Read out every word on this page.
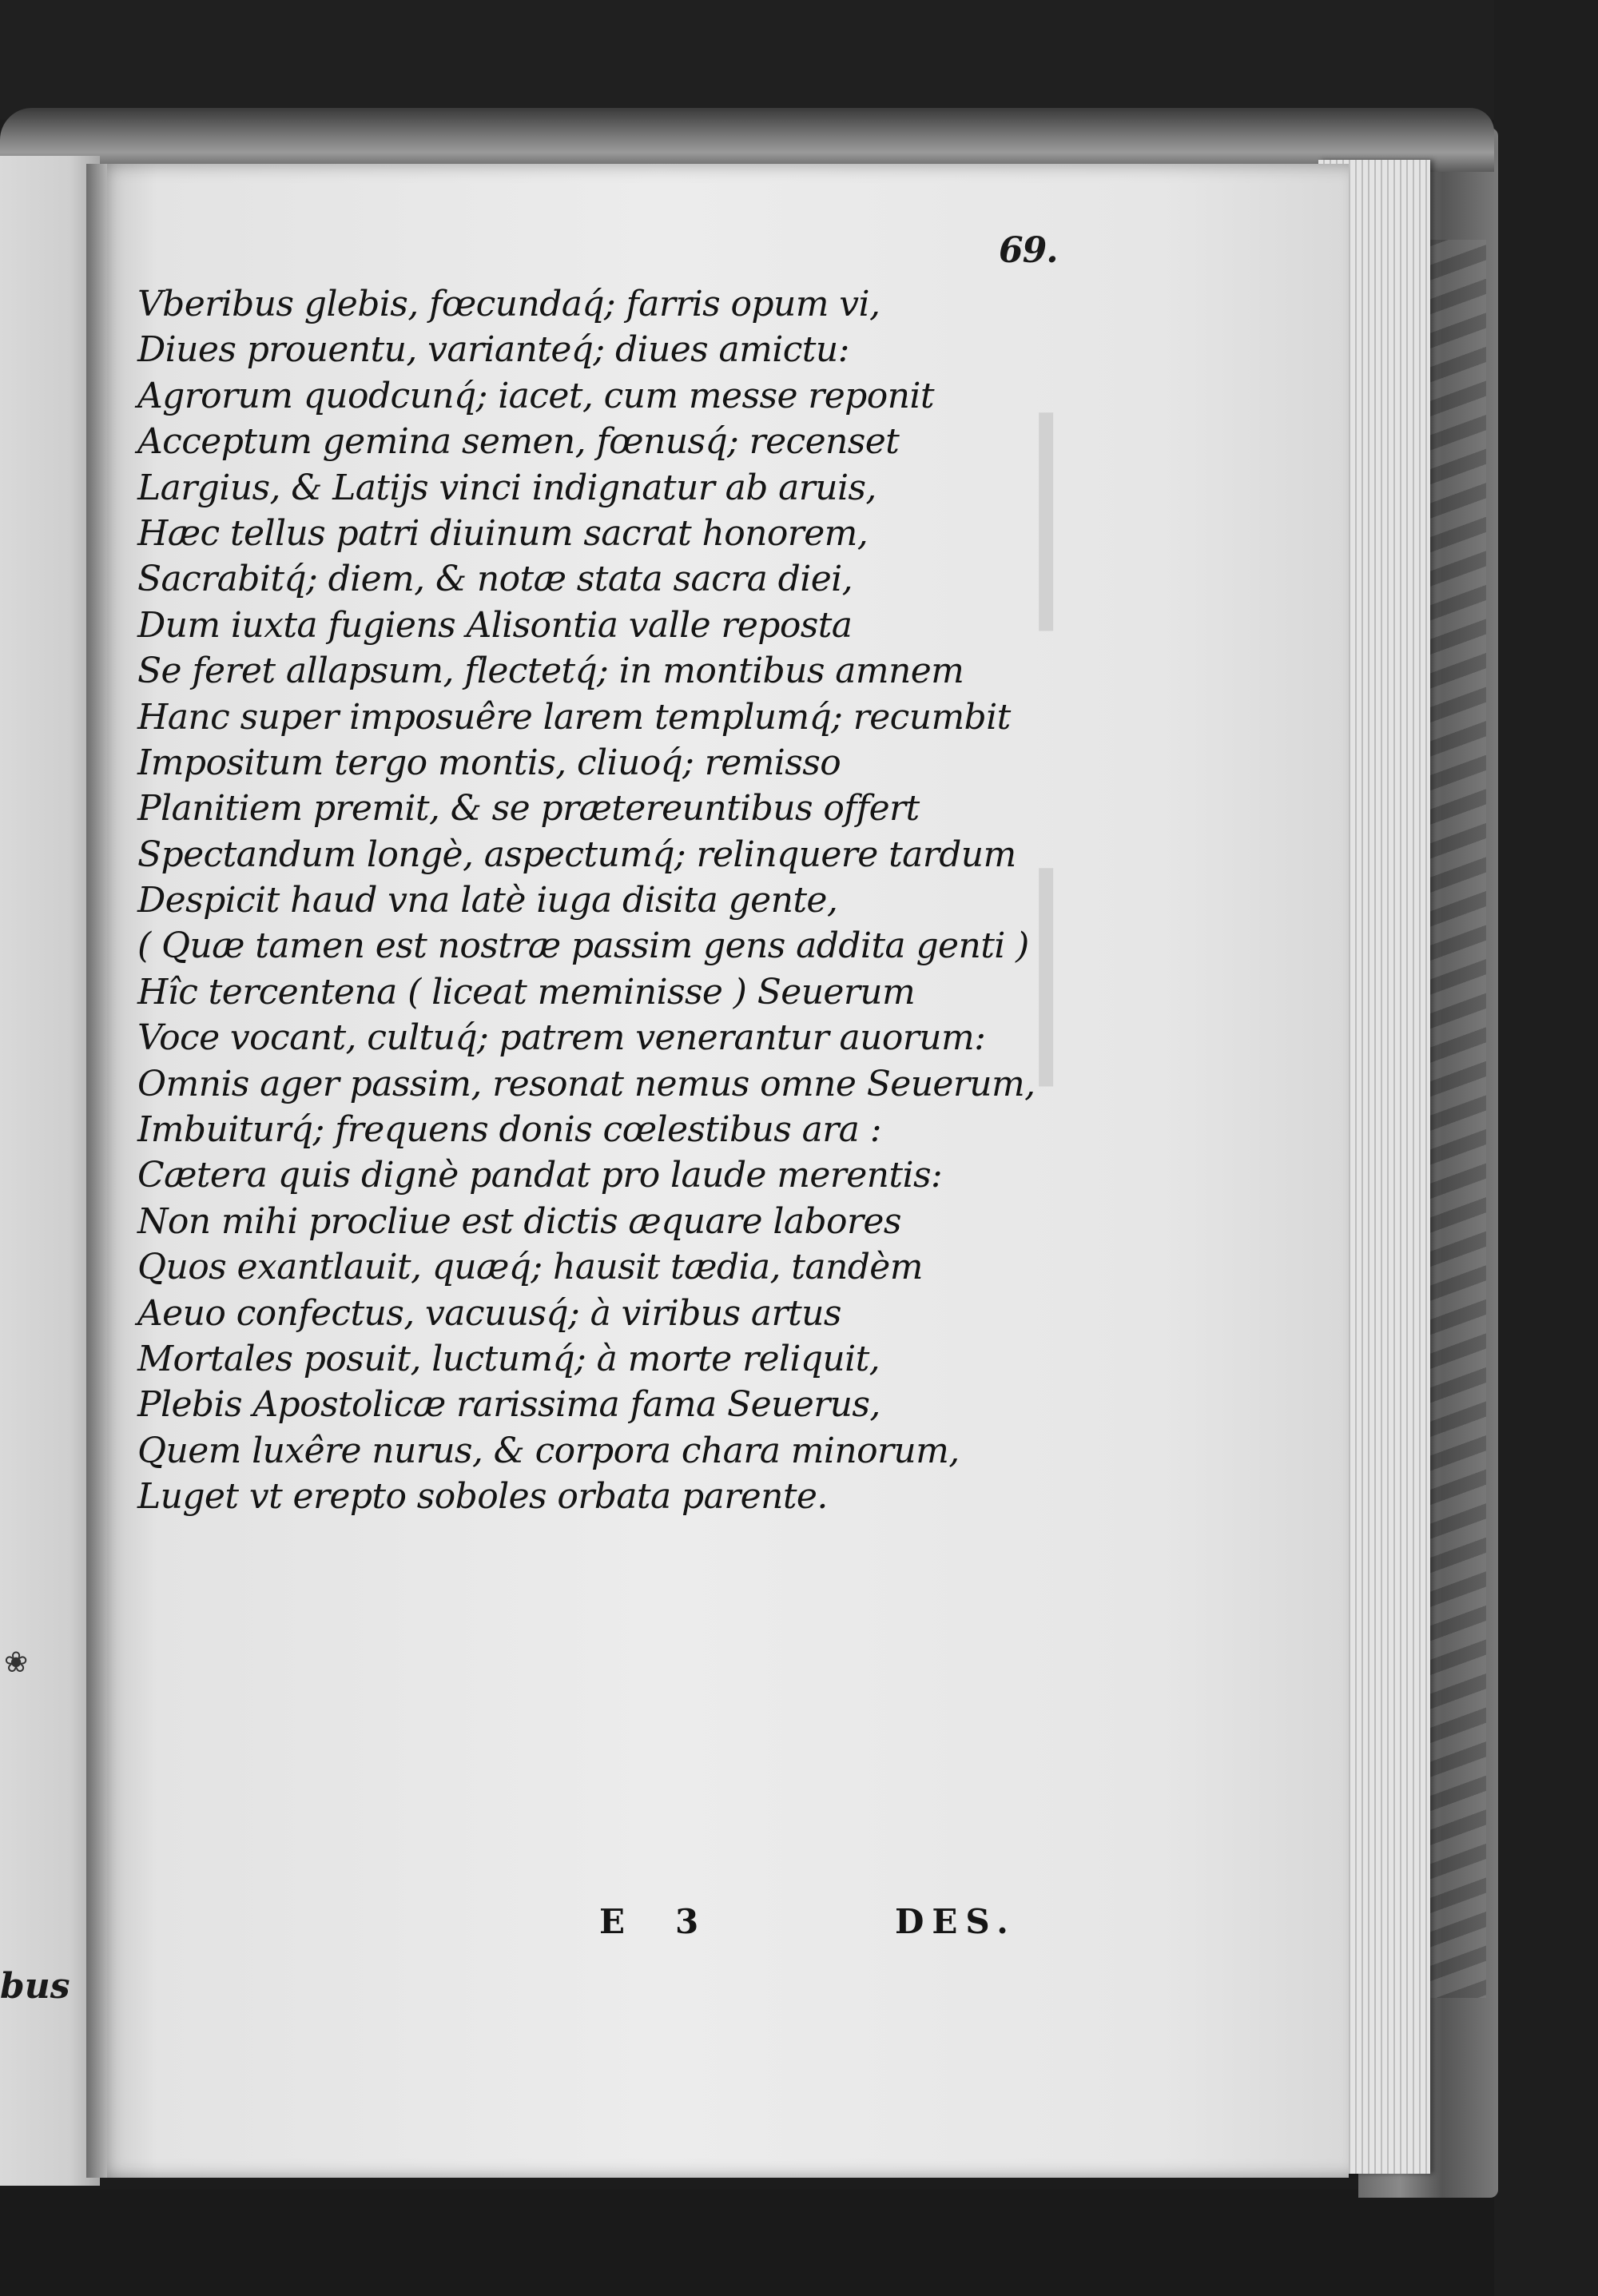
│
│
69.
Vberibus glebis, fœcundaq́; farris opum vi,
Diues prouentu, varianteq́; diues amictu:
Agrorum quodcunq́; iacet, cum messe reponit
Acceptum gemina semen, fœnusq́; recenset
Largius, & Latijs vinci indignatur ab aruis,
Hæc tellus patri diuinum sacrat honorem,
Sacrabitq́; diem, & notæ stata sacra diei,
Dum iuxta fugiens Alisontia valle reposta
Se feret allapsum, flectetq́; in montibus amnem
Hanc super imposuêre larem templumq́; recumbit
Impositum tergo montis, cliuoq́; remisso
Planitiem premit, & se prætereuntibus offert
Spectandum longè, aspectumq́; relinquere tardum
Despicit haud vna latè iuga disita gente,
( Quæ tamen est nostræ passim gens addita genti )
Hîc tercentena ( liceat meminisse ) Seuerum
Voce vocant, cultuq́; patrem venerantur auorum:
Omnis ager passim, resonat nemus omne Seuerum,
Imbuiturq́; frequens donis cœlestibus ara :
Cætera quis dignè pandat pro laude merentis:
Non mihi procliue est dictis æquare labores
Quos exantlauit, quæq́; hausit tædia, tandèm
Aeuo confectus, vacuusq́; à viribus artus
Mortales posuit, luctumq́; à morte reliquit,
Plebis Apostolicæ rarissima fama Seuerus,
Quem luxêre nurus, & corpora chara minorum,
Luget vt erepto soboles orbata parente.
E 3	DES.
bus
❀
